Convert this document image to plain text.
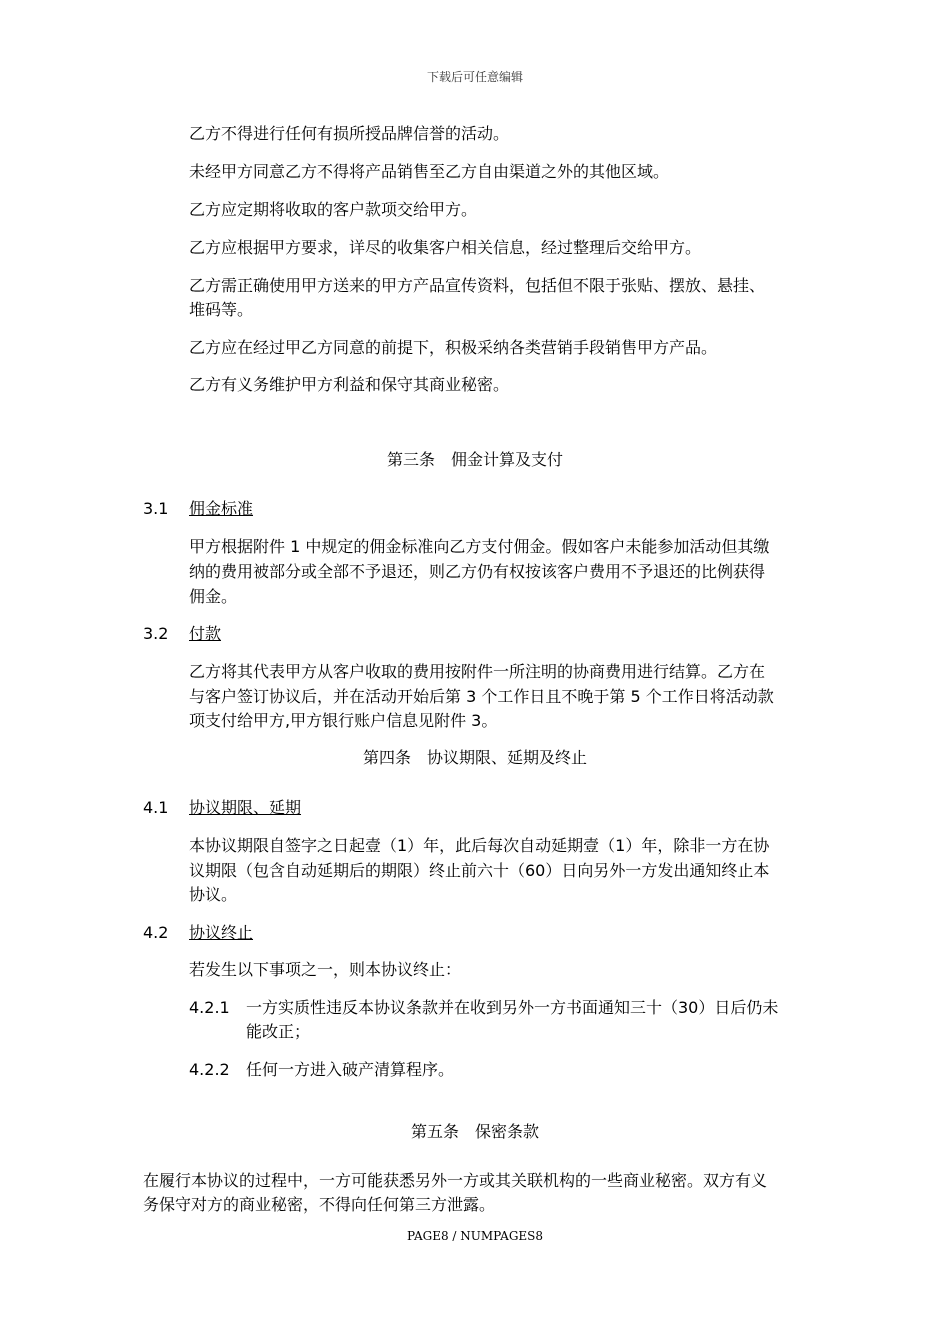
下载后可任意编辑

乙方不得进行任何有损所授品牌信誉的活动。

未经甲方同意乙方不得将产品销售至乙方自由渠道之外的其他区域。

乙方应定期将收取的客户款项交给甲方。

乙方应根据甲方要求，详尽的收集客户相关信息，经过整理后交给甲方。

乙方需正确使用甲方送来的甲方产品宣传资料，包括但不限于张贴、摆放、悬挂、

堆码等。

乙方应在经过甲乙方同意的前提下，积极采纳各类营销手段销售甲方产品。

乙方有义务维护甲方利益和保守其商业秘密。

第三条　佣金计算及支付

3.1 佣金标准

甲方根据附件 1 中规定的佣金标准向乙方支付佣金。假如客户未能参加活动但其缴

纳的费用被部分或全部不予退还，则乙方仍有权按该客户费用不予退还的比例获得

佣金。

3.2 付款

乙方将其代表甲方从客户收取的费用按附件一所注明的协商费用进行结算。乙方在

与客户签订协议后，并在活动开始后第 3 个工作日且不晚于第 5 个工作日将活动款

项支付给甲方,甲方银行账户信息见附件 3。

第四条　协议期限、延期及终止

4.1 协议期限、延期

本协议期限自签字之日起壹（1）年，此后每次自动延期壹（1）年，除非一方在协

议期限（包含自动延期后的期限）终止前六十（60）日向另外一方发出通知终止本

协议。

4.2 协议终止

若发生以下事项之一，则本协议终止：

4.2.1 一方实质性违反本协议条款并在收到另外一方书面通知三十（30）日后仍未

能改正；

4.2.2 任何一方进入破产清算程序。

第五条　保密条款

在履行本协议的过程中，一方可能获悉另外一方或其关联机构的一些商业秘密。双方有义

务保守对方的商业秘密，不得向任何第三方泄露。

PAGE8 / NUMPAGES8
